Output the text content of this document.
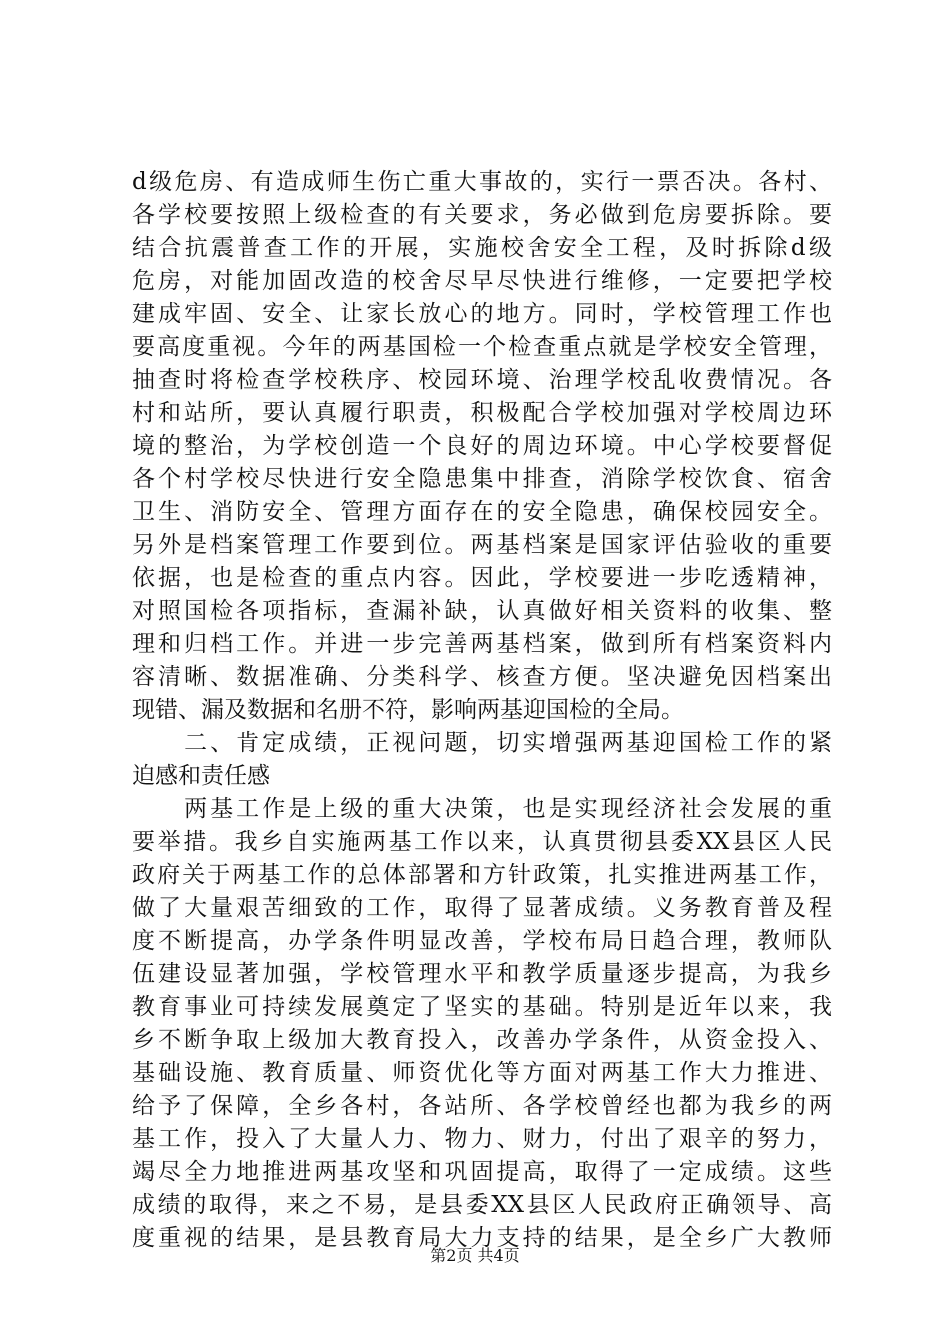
d级危房、有造成师生伤亡重大事故的，实行一票否决。各村、
各学校要按照上级检查的有关要求，务必做到危房要拆除。要
结合抗震普查工作的开展，实施校舍安全工程，及时拆除d级
危房，对能加固改造的校舍尽早尽快进行维修，一定要把学校
建成牢固、安全、让家长放心的地方。同时，学校管理工作也
要高度重视。今年的两基国检一个检查重点就是学校安全管理，
抽查时将检查学校秩序、校园环境、治理学校乱收费情况。各
村和站所，要认真履行职责，积极配合学校加强对学校周边环
境的整治，为学校创造一个良好的周边环境。中心学校要督促
各个村学校尽快进行安全隐患集中排查，消除学校饮食、宿舍
卫生、消防安全、管理方面存在的安全隐患，确保校园安全。
另外是档案管理工作要到位。两基档案是国家评估验收的重要
依据，也是检查的重点内容。因此，学校要进一步吃透精神，
对照国检各项指标，查漏补缺，认真做好相关资料的收集、整
理和归档工作。并进一步完善两基档案，做到所有档案资料内
容清晰、数据准确、分类科学、核查方便。坚决避免因档案出
现错、漏及数据和名册不符，影响两基迎国检的全局。
　　二、肯定成绩，正视问题，切实增强两基迎国检工作的紧
迫感和责任感
　　两基工作是上级的重大决策，也是实现经济社会发展的重
要举措。我乡自实施两基工作以来，认真贯彻县委XX县区人民
政府关于两基工作的总体部署和方针政策，扎实推进两基工作，
做了大量艰苦细致的工作，取得了显著成绩。义务教育普及程
度不断提高，办学条件明显改善，学校布局日趋合理，教师队
伍建设显著加强，学校管理水平和教学质量逐步提高，为我乡
教育事业可持续发展奠定了坚实的基础。特别是近年以来，我
乡不断争取上级加大教育投入，改善办学条件，从资金投入、
基础设施、教育质量、师资优化等方面对两基工作大力推进、
给予了保障，全乡各村，各站所、各学校曾经也都为我乡的两
基工作，投入了大量人力、物力、财力，付出了艰辛的努力，
竭尽全力地推进两基攻坚和巩固提高，取得了一定成绩。这些
成绩的取得，来之不易，是县委XX县区人民政府正确领导、高
度重视的结果，是县教育局大力支持的结果，是全乡广大教师
第2页 共4页
